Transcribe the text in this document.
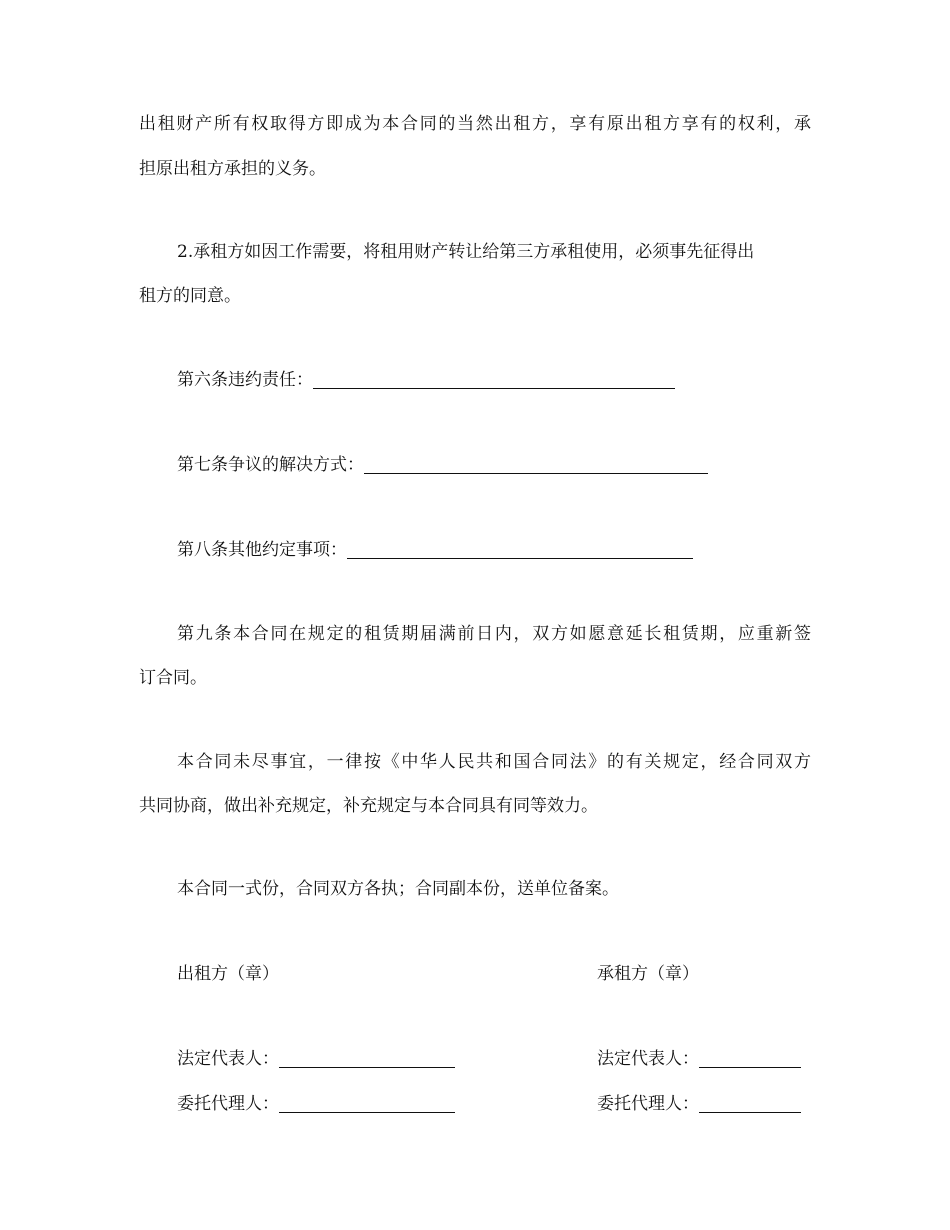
出租财产所有权取得方即成为本合同的当然出租方，享有原出租方享有的权利，承
担原出租方承担的义务。
2.承租方如因工作需要，将租用财产转让给第三方承租使用，必须事先征得出
租方的同意。
第六条违约责任：
第七条争议的解决方式：
第八条其他约定事项：
第九条本合同在规定的租赁期届满前日内，双方如愿意延长租赁期，应重新签
订合同。
本合同未尽事宜，一律按《中华人民共和国合同法》的有关规定，经合同双方
共同协商，做出补充规定，补充规定与本合同具有同等效力。
本合同一式份，合同双方各执；合同副本份，送单位备案。
出租方（章）	承租方（章）
法定代表人：	法定代表人：
委托代理人：	委托代理人：
